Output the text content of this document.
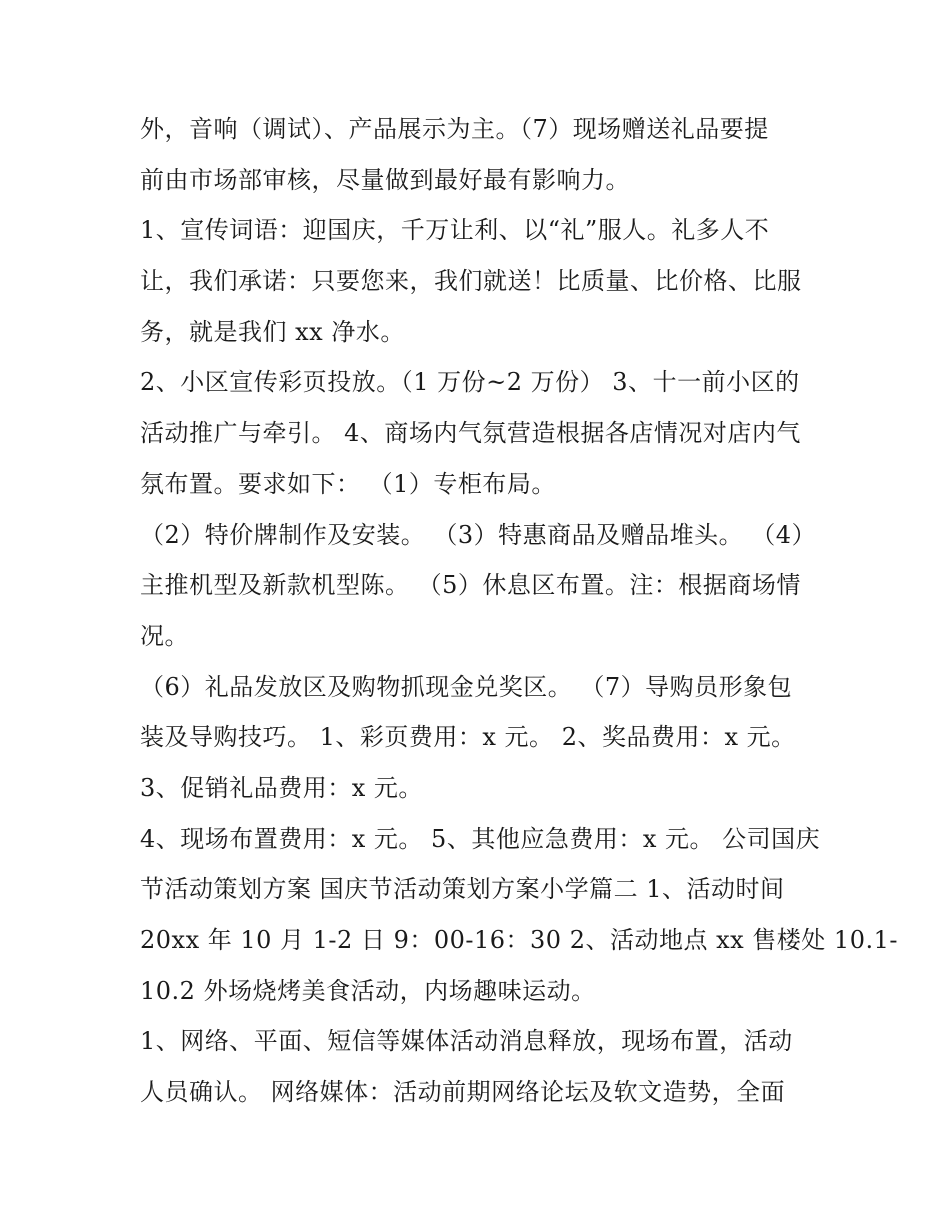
外，音响（调试）、产品展示为主。（7）现场赠送礼品要提
前由市场部审核，尽量做到最好最有影响力。
1、宣传词语：迎国庆，千万让利、以“礼”服人。礼多人不
让，我们承诺：只要您来，我们就送！比质量、比价格、比服
务，就是我们 xx 净水。
2、小区宣传彩页投放。（1 万份~2 万份） 3、十一前小区的
活动推广与牵引。 4、商场内气氛营造根据各店情况对店内气
氛布置。要求如下： （1）专柜布局。
（2）特价牌制作及安装。 （3）特惠商品及赠品堆头。 （4）
主推机型及新款机型陈。 （5）休息区布置。注：根据商场情
况。
（6）礼品发放区及购物抓现金兑奖区。 （7）导购员形象包
装及导购技巧。 1、彩页费用：x 元。 2、奖品费用：x 元。
3、促销礼品费用：x 元。
4、现场布置费用：x 元。 5、其他应急费用：x 元。 公司国庆
节活动策划方案 国庆节活动策划方案小学篇二 1、活动时间
20xx 年 10 月 1-2 日 9：00-16：30 2、活动地点 xx 售楼处 10.1-
10.2 外场烧烤美食活动，内场趣味运动。
1、网络、平面、短信等媒体活动消息释放，现场布置，活动
人员确认。 网络媒体：活动前期网络论坛及软文造势，全面
